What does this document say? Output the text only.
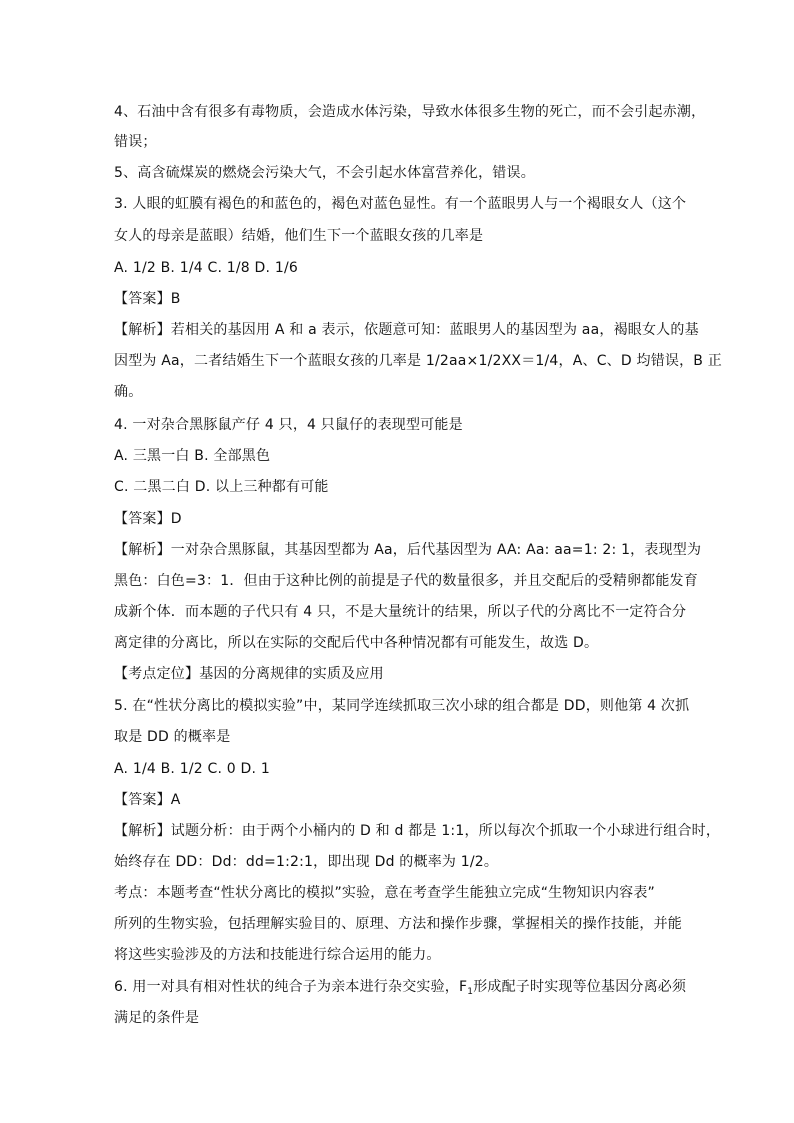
4、石油中含有很多有毒物质，会造成水体污染，导致水体很多生物的死亡，而不会引起赤潮，
错误；
5、高含硫煤炭的燃烧会污染大气，不会引起水体富营养化，错误。
3. 人眼的虹膜有褐色的和蓝色的，褐色对蓝色显性。有一个蓝眼男人与一个褐眼女人（这个
女人的母亲是蓝眼）结婚，他们生下一个蓝眼女孩的几率是
A. 1/2 B. 1/4 C. 1/8 D. 1/6
【答案】B
【解析】若相关的基因用 A 和 a 表示，依题意可知：蓝眼男人的基因型为 aa，褐眼女人的基
因型为 Aa，二者结婚生下一个蓝眼女孩的几率是 1/2aa×1/2XX＝1/4，A、C、D 均错误，B 正
确。
4. 一对杂合黑豚鼠产仔 4 只，4 只鼠仔的表现型可能是
A. 三黑一白 B. 全部黑色
C. 二黑二白 D. 以上三种都有可能
【答案】D
【解析】一对杂合黑豚鼠，其基因型都为 Aa，后代基因型为 AA: Aa: aa=1: 2: 1，表现型为
黑色：白色=3：1．但由于这种比例的前提是子代的数量很多，并且交配后的受精卵都能发育
成新个体．而本题的子代只有 4 只，不是大量统计的结果，所以子代的分离比不一定符合分
离定律的分离比，所以在实际的交配后代中各种情况都有可能发生，故选 D。
【考点定位】基因的分离规律的实质及应用
5. 在“性状分离比的模拟实验”中，某同学连续抓取三次小球的组合都是 DD，则他第 4 次抓
取是 DD 的概率是
A. 1/4 B. 1/2 C. 0 D. 1
【答案】A
【解析】试题分析：由于两个小桶内的 D 和 d 都是 1:1，所以每次个抓取一个小球进行组合时，
始终存在 DD：Dd：dd=1:2:1，即出现 Dd 的概率为 1/2。
考点：本题考查“性状分离比的模拟”实验，意在考查学生能独立完成“生物知识内容表”
所列的生物实验，包括理解实验目的、原理、方法和操作步骤，掌握相关的操作技能，并能
将这些实验涉及的方法和技能进行综合运用的能力。
6. 用一对具有相对性状的纯合子为亲本进行杂交实验，$F_1$形成配子时实现等位基因分离必须
满足的条件是
